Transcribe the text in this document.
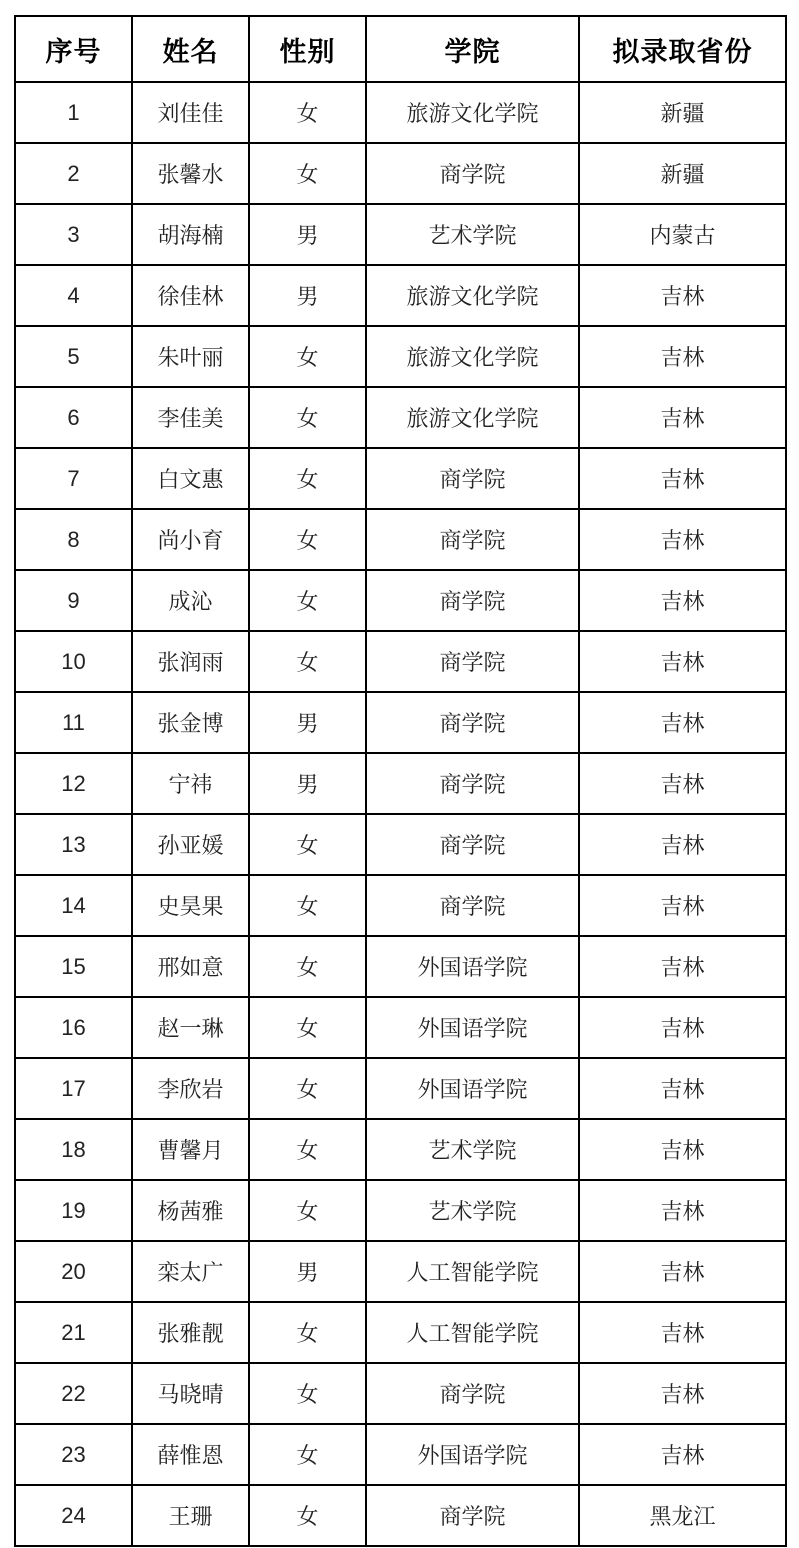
序号	姓名	性别	学院	拟录取省份
1	刘佳佳	女	旅游文化学院	新疆
2	张馨水	女	商学院	新疆
3	胡海楠	男	艺术学院	内蒙古
4	徐佳林	男	旅游文化学院	吉林
5	朱叶丽	女	旅游文化学院	吉林
6	李佳美	女	旅游文化学院	吉林
7	白文惠	女	商学院	吉林
8	尚小育	女	商学院	吉林
9	成沁	女	商学院	吉林
10	张润雨	女	商学院	吉林
11	张金博	男	商学院	吉林
12	宁祎	男	商学院	吉林
13	孙亚媛	女	商学院	吉林
14	史昊果	女	商学院	吉林
15	邢如意	女	外国语学院	吉林
16	赵一琳	女	外国语学院	吉林
17	李欣岩	女	外国语学院	吉林
18	曹馨月	女	艺术学院	吉林
19	杨茜雅	女	艺术学院	吉林
20	栾太广	男	人工智能学院	吉林
21	张雅靓	女	人工智能学院	吉林
22	马晓晴	女	商学院	吉林
23	薛惟恩	女	外国语学院	吉林
24	王珊	女	商学院	黑龙江
